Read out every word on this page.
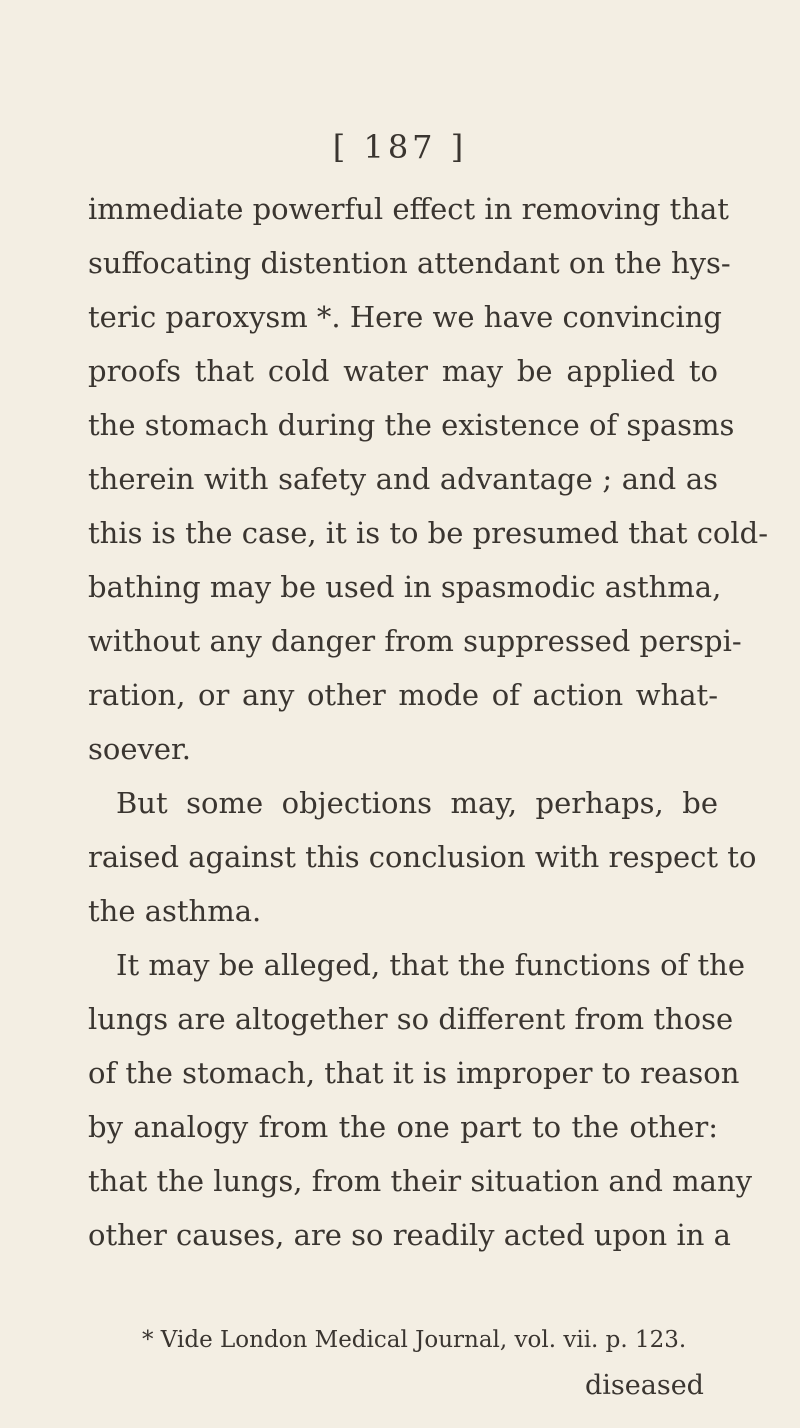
[ 187 ]
immediate powerful effect in removing that
suffocating distention attendant on the hys-
teric paroxysm *. Here we have convincing
proofs that cold water may be applied to
the stomach during the existence of spasms
therein with safety and advantage ; and as
this is the case, it is to be presumed that cold-
bathing may be used in spasmodic asthma,
without any danger from suppressed perspi-
ration, or any other mode of action what-
soever.
But some objections may, perhaps, be
raised against this conclusion with respect to
the asthma.
It may be alleged, that the functions of the
lungs are altogether so different from those
of the stomach, that it is improper to reason
by analogy from the one part to the other:
that the lungs, from their situation and many
other causes, are so readily acted upon in a
* Vide London Medical Journal, vol. vii. p. 123.
diseased
